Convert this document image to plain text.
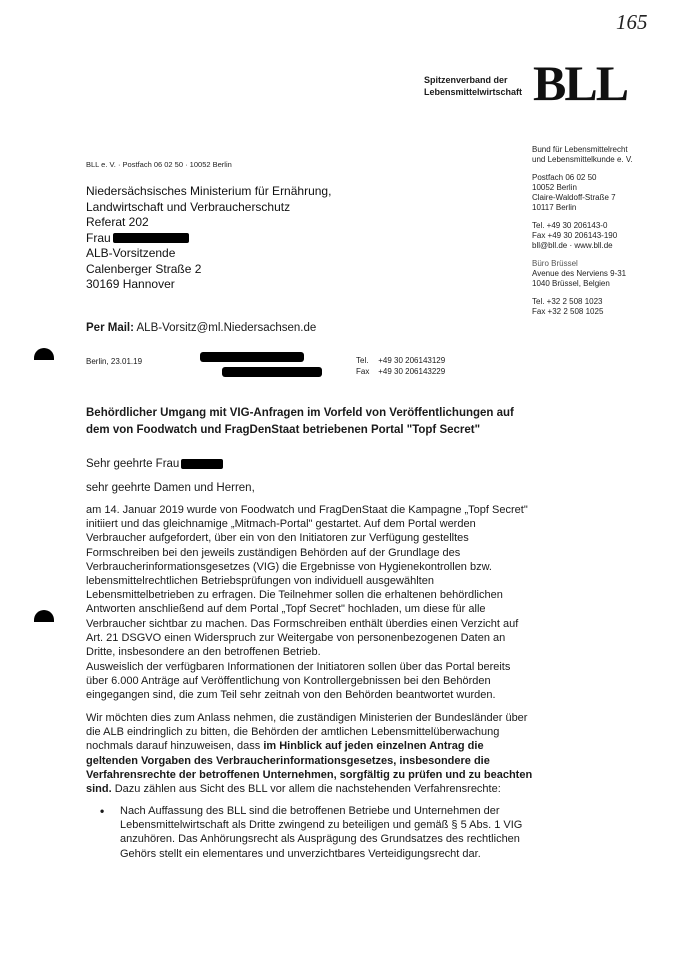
165
Spitzenverband der
Lebensmittelwirtschaft BLL
Bund für Lebensmittelrecht
und Lebensmittelkunde e. V.
Postfach 06 02 50
10052 Berlin
Claire-Waldoff-Straße 7
10117 Berlin
Tel. +49 30 206143-0
Fax +49 30 206143-190
bll@bll.de · www.bll.de
Büro Brüssel
Avenue des Nerviens 9-31
1040 Brüssel, Belgien
Tel. +32 2 508 1023
Fax +32 2 508 1025
BLL e. V. · Postfach 06 02 50 · 10052 Berlin
Niedersächsisches Ministerium für Ernährung,
Landwirtschaft und Verbraucherschutz
Referat 202
Frau
ALB-Vorsitzende
Calenberger Straße 2
30169 Hannover
Per Mail: ALB-Vorsitz@ml.Niedersachsen.de
Berlin, 23.01.19	Tel. +49 30 206143129
Fax +49 30 206143229
Behördlicher Umgang mit VIG-Anfragen im Vorfeld von Veröffentlichungen auf dem von Foodwatch und FragDenStaat betriebenen Portal "Topf Secret"
Sehr geehrte Frau
sehr geehrte Damen und Herren,
am 14. Januar 2019 wurde von Foodwatch und FragDenStaat die Kampagne „Topf Secret" initiiert und das gleichnamige „Mitmach-Portal" gestartet. Auf dem Portal werden Verbraucher aufgefordert, über ein von den Initiatoren zur Verfügung gestelltes Formschreiben bei den jeweils zuständigen Behörden auf der Grundlage des Verbraucherinformationsgesetzes (VIG) die Ergebnisse von Hygienekontrollen bzw. lebensmittelrechtlichen Betriebsprüfungen von individuell ausgewählten Lebensmittelbetrieben zu erfragen. Die Teilnehmer sollen die erhaltenen behördlichen Antworten anschließend auf dem Portal „Topf Secret" hochladen, um diese für alle Verbraucher sichtbar zu machen. Das Formschreiben enthält überdies einen Verzicht auf Art. 21 DSGVO einen Widerspruch zur Weitergabe von personenbezogenen Daten an Dritte, insbesondere an den betroffenen Betrieb.
Ausweislich der verfügbaren Informationen der Initiatoren sollen über das Portal bereits über 6.000 Anträge auf Veröffentlichung von Kontrollergebnissen bei den Behörden eingegangen sind, die zum Teil sehr zeitnah von den Behörden beantwortet wurden.
Wir möchten dies zum Anlass nehmen, die zuständigen Ministerien der Bundesländer über die ALB eindringlich zu bitten, die Behörden der amtlichen Lebensmittelüberwachung nochmals darauf hinzuweisen, dass im Hinblick auf jeden einzelnen Antrag die geltenden Vorgaben des Verbraucherinformationsgesetzes, insbesondere die Verfahrensrechte der betroffenen Unternehmen, sorgfältig zu prüfen und zu beachten sind. Dazu zählen aus Sicht des BLL vor allem die nachstehenden Verfahrensrechte:
• Nach Auffassung des BLL sind die betroffenen Betriebe und Unternehmen der Lebensmittelwirtschaft als Dritte zwingend zu beteiligen und gemäß § 5 Abs. 1 VIG anzuhören. Das Anhörungsrecht als Ausprägung des Grundsatzes des rechtlichen Gehörs stellt ein elementares und unverzichtbares Verteidigungsrecht dar.
